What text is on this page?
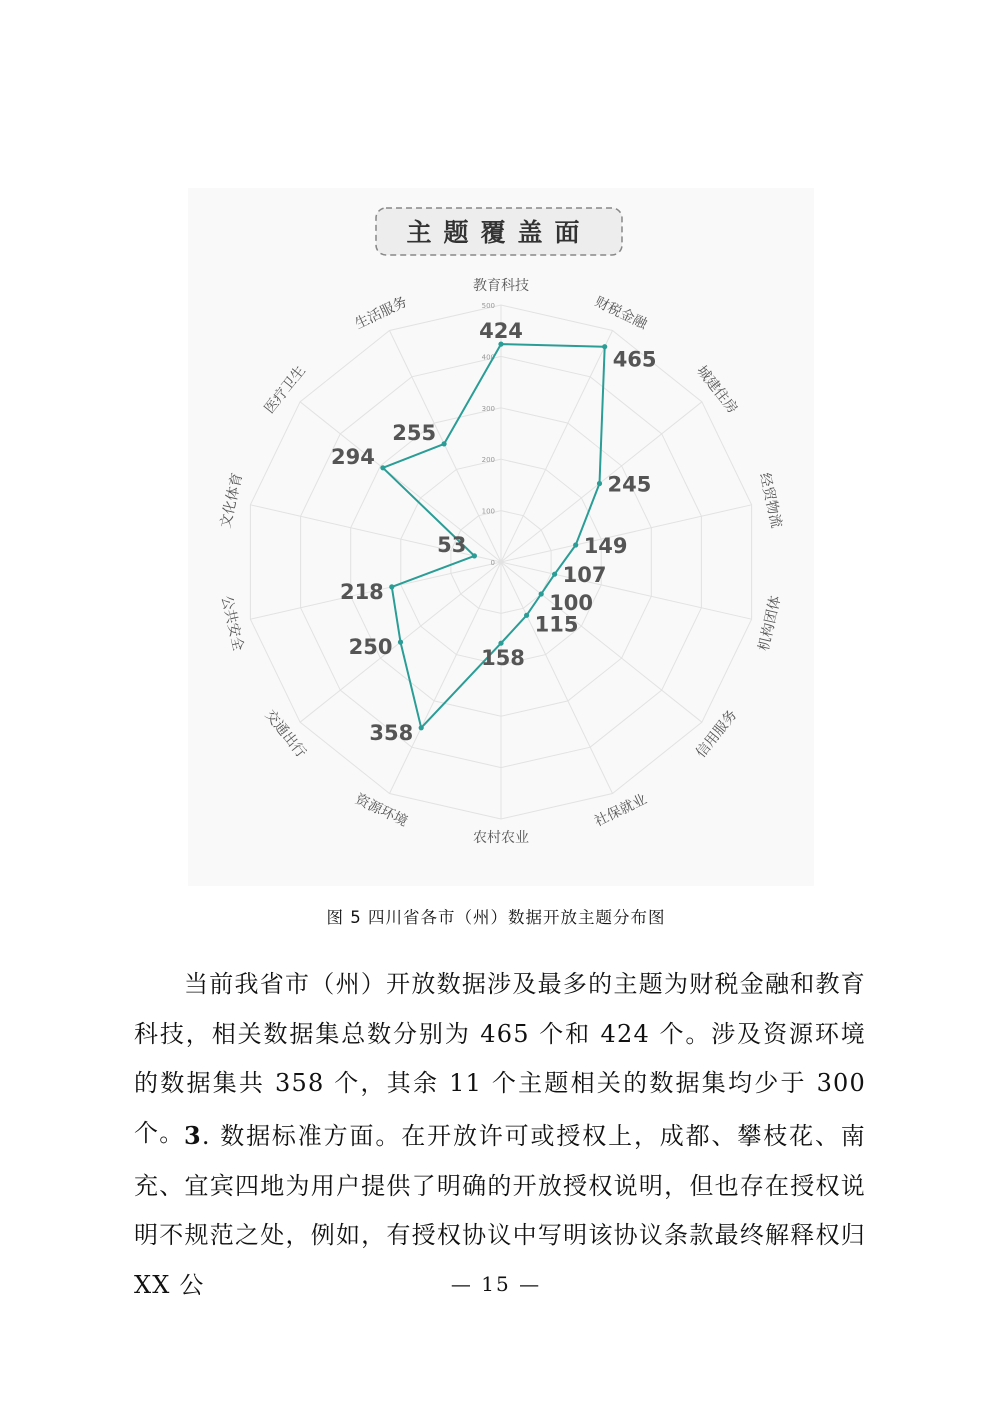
主题覆盖面
0
100
200
300
400
500
教育科技
财税金融
城建住房
经贸物流
机构团体
信用服务
社保就业
农村农业
资源环境
交通出行
公共安全
文化体育
医疗卫生
生活服务	424
465
245
149
107
100
115
158
358
250
218
53
294
255
图 5 四川省各市（州）数据开放主题分布图

当前我省市（州）开放数据涉及最多的主题为财税金融和教育科技，相关数据集总数分别为 465 个和 424 个。涉及资源环境的数据集共 358 个，其余 11 个主题相关的数据集均少于 300 个。 3. 数据标准方面。在开放许可或授权上，成都、攀枝花、南充、宜宾四地为用户提供了明确的开放授权说明，但也存在授权说明不规范之处，例如，有授权协议中写明该协议条款最终解释权归 XX 公	— 15 —
